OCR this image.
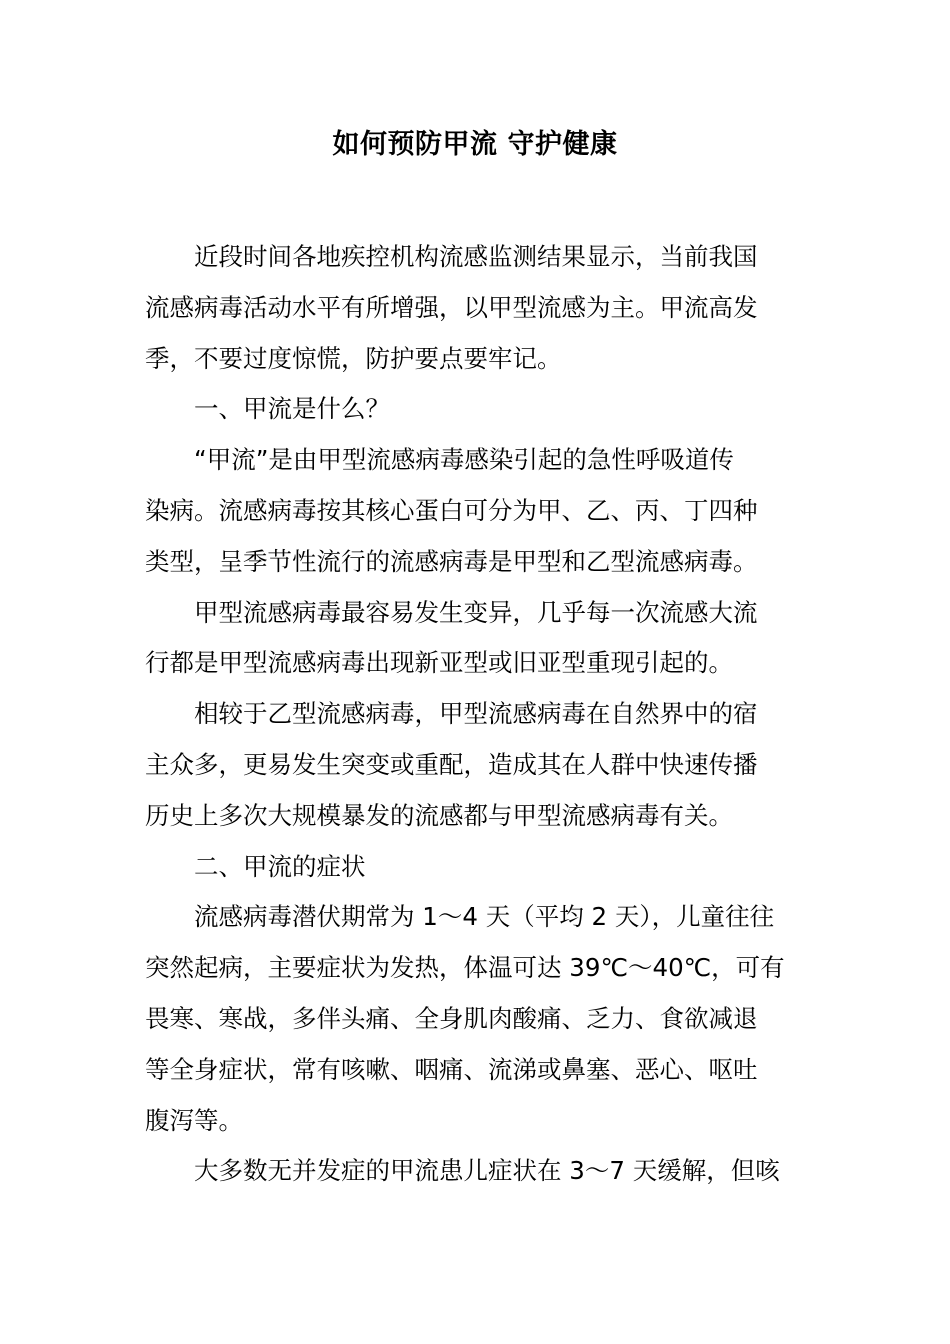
如何预防甲流 守护健康
近段时间各地疾控机构流感监测结果显示，当前我国
流感病毒活动水平有所增强，以甲型流感为主。甲流高发
季，不要过度惊慌，防护要点要牢记。
一、甲流是什么？
“甲流”是由甲型流感病毒感染引起的急性呼吸道传
染病。流感病毒按其核心蛋白可分为甲、乙、丙、丁四种
类型，呈季节性流行的流感病毒是甲型和乙型流感病毒。
甲型流感病毒最容易发生变异，几乎每一次流感大流
行都是甲型流感病毒出现新亚型或旧亚型重现引起的。
相较于乙型流感病毒，甲型流感病毒在自然界中的宿
主众多，更易发生突变或重配，造成其在人群中快速传播
历史上多次大规模暴发的流感都与甲型流感病毒有关。
二、甲流的症状
流感病毒潜伏期常为 1～4 天（平均 2 天），儿童往往
突然起病，主要症状为发热，体温可达 39℃～40℃，可有
畏寒、寒战，多伴头痛、全身肌肉酸痛、乏力、食欲减退
等全身症状，常有咳嗽、咽痛、流涕或鼻塞、恶心、呕吐
腹泻等。
大多数无并发症的甲流患儿症状在 3～7 天缓解，但咳
